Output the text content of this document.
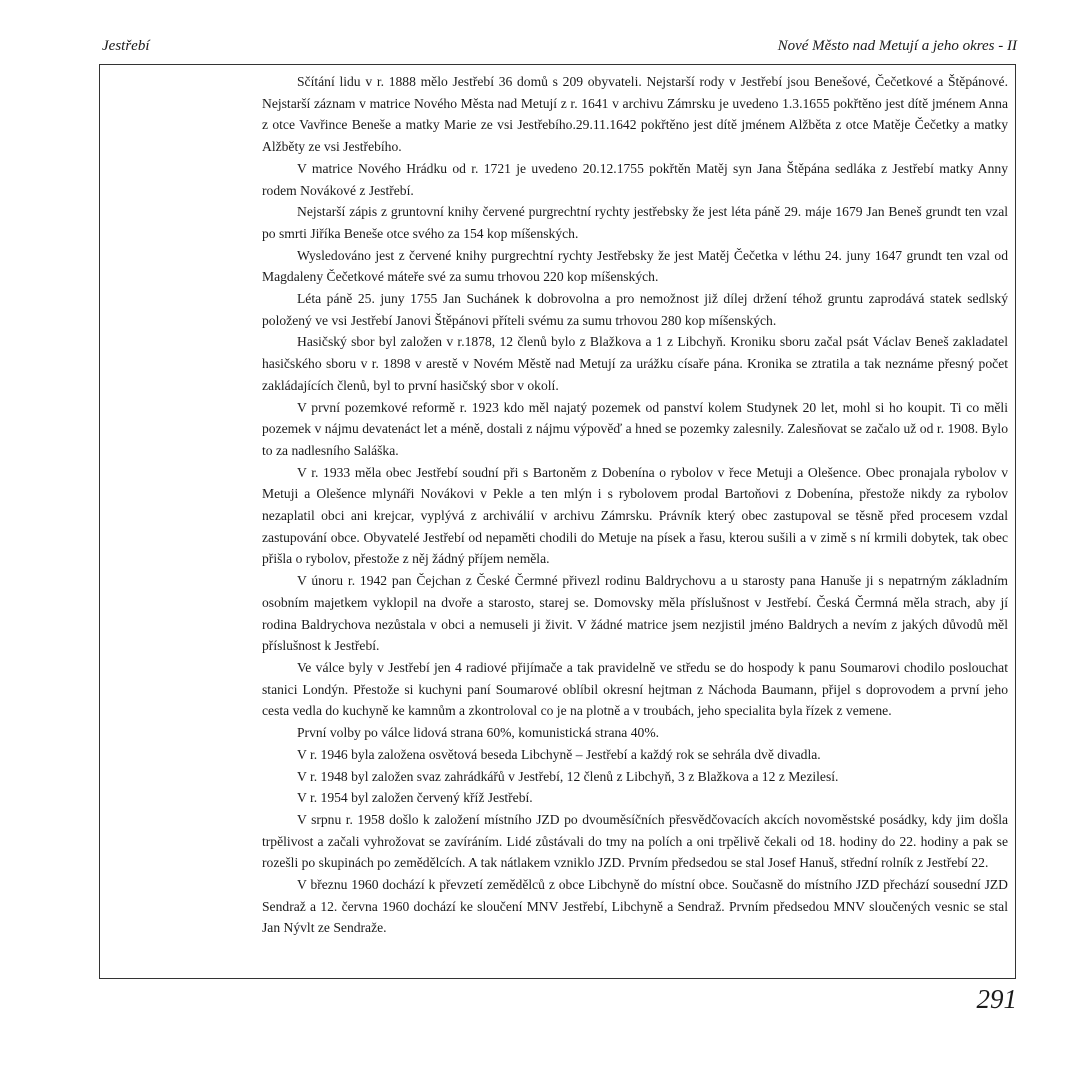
Jestřebí	Nové Město nad Metují a jeho okres - II

Sčítání lidu v r. 1888 mělo Jestřebí 36 domů s 209 obyvateli. Nejstarší rody v Jestřebí jsou Benešové, Čečetkové a Štěpánové. Nejstarší záznam v matrice Nového Města nad Metují z r. 1641 v archivu Zámrsku je uvedeno 1.3.1655 pokřtěno jest dítě jménem Anna z otce Vavřince Beneše a matky Marie ze vsi Jestřebího.29.11.1642 pokřtěno jest dítě jménem Alžběta z otce Matěje Čečetky a matky Alžběty ze vsi Jestřebího.

V matrice Nového Hrádku od r. 1721 je uvedeno 20.12.1755 pokřtěn Matěj syn Jana Štěpána sedláka z Jestřebí matky Anny rodem Novákové z Jestřebí.

Nejstarší zápis z gruntovní knihy červené purgrechtní rychty jestřebsky že jest léta páně 29. máje 1679 Jan Beneš grundt ten vzal po smrti Jiříka Beneše otce svého za 154 kop míšenských.

Wysledováno jest z červené knihy purgrechtní rychty Jestřebsky že jest Matěj Čečetka v léthu 24. juny 1647 grundt ten vzal od Magdaleny Čečetkové máteře své za sumu trhovou 220 kop míšenských.

Léta páně 25. juny 1755 Jan Suchánek k dobrovolna a pro nemožnost již dílej držení téhož gruntu zaprodává statek sedlský položený ve vsi Jestřebí Janovi Štěpánovi příteli svému za sumu trhovou 280 kop míšenských.

Hasičský sbor byl založen v r.1878, 12 členů bylo z Blažkova a 1 z Libchyň. Kroniku sboru začal psát Václav Beneš zakladatel hasičského sboru v r. 1898 v arestě v Novém Městě nad Metují za urážku císaře pána. Kronika se ztratila a tak neznáme přesný počet zakládajících členů, byl to první hasičský sbor v okolí.

V první pozemkové reformě r. 1923 kdo měl najatý pozemek od panství kolem Studynek 20 let, mohl si ho koupit. Ti co měli pozemek v nájmu devatenáct let a méně, dostali z nájmu výpověď a hned se pozemky zalesnily. Zalesňovat se začalo už od r. 1908. Bylo to za nadlesního Saláška.

V r. 1933 měla obec Jestřebí soudní při s Bartoněm z Dobenína o rybolov v řece Metuji a Olešence. Obec pronajala rybolov v Metuji a Olešence mlynáři Novákovi v Pekle a ten mlýn i s rybolovem prodal Bartoňovi z Dobenína, přestože nikdy za rybolov nezaplatil obci ani krejcar, vyplývá z archiválií v archivu Zámrsku. Právník který obec zastupoval se těsně před procesem vzdal zastupování obce. Obyvatelé Jestřebí od nepaměti chodili do Metuje na písek a řasu, kterou sušili a v zimě s ní krmili dobytek, tak obec přišla o rybolov, přestože z něj žádný příjem neměla.

V únoru r. 1942 pan Čejchan z České Čermné přivezl rodinu Baldrychovu a u starosty pana Hanuše ji s nepatrným základním osobním majetkem vyklopil na dvoře a starosto, starej se. Domovsky měla příslušnost v Jestřebí. Česká Čermná měla strach, aby jí rodina Baldrychova nezůstala v obci a nemuseli ji živit. V žádné matrice jsem nezjistil jméno Baldrych a nevím z jakých důvodů měl příslušnost k Jestřebí.

Ve válce byly v Jestřebí jen 4 radiové přijímače a tak pravidelně ve středu se do hospody k panu Soumarovi chodilo poslouchat stanici Londýn. Přestože si kuchyni paní Soumarové oblíbil okresní hejtman z Náchoda Baumann, přijel s doprovodem a první jeho cesta vedla do kuchyně ke kamnům a zkontroloval co je na plotně a v troubách, jeho specialita byla řízek z vemene.

První volby po válce lidová strana 60%, komunistická strana 40%.

V r. 1946 byla založena osvětová beseda Libchyně – Jestřebí a každý rok se sehrála dvě divadla.

V r. 1948 byl založen svaz zahrádkářů v Jestřebí, 12 členů z Libchyň, 3 z Blažkova a 12 z Mezilesí.

V r. 1954 byl založen červený kříž Jestřebí.

V srpnu r. 1958 došlo k založení místního JZD po dvouměsíčních přesvědčovacích akcích novoměstské posádky, kdy jim došla trpělivost a začali vyhrožovat se zavíráním. Lidé zůstávali do tmy na polích a oni trpělivě čekali od 18. hodiny do 22. hodiny a pak se rozešli po skupinách po zemědělcích. A tak nátlakem vzniklo JZD. Prvním předsedou se stal Josef Hanuš, střední rolník z Jestřebí 22.

V březnu 1960 dochází k převzetí zemědělců z obce Libchyně do místní obce. Současně do místního JZD přechází sousední JZD Sendraž a 12. června 1960 dochází ke sloučení MNV Jestřebí, Libchyně a Sendraž. Prvním předsedou MNV sloučených vesnic se stal Jan Nývlt ze Sendraže.

291
